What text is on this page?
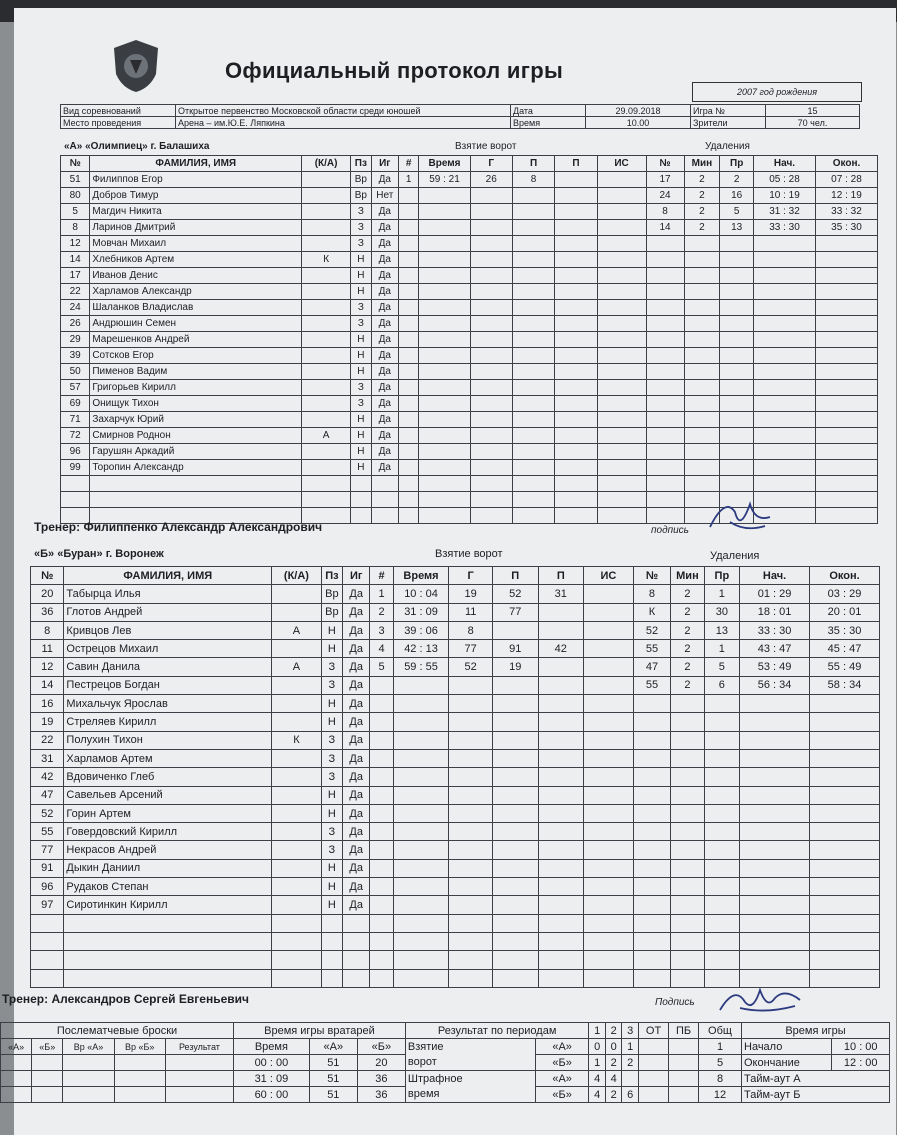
Официальный протокол игры
2007 год рождения
Вид соревнований	Открытое первенство Московской области среди юношей	Дата	29.09.2018	Игра №	15
Место проведения	Арена – им.Ю.Е. Ляпкина	Время	10.00	Зрители	70 чел.
«А» «Олимпиец» г. Балашиха	Взятие ворот	Удаления
№	ФАМИЛИЯ, ИМЯ	(К/А)	Пз	Иг	#	Время	Г	П	П	ИС	№	Мин	Пр	Нач.	Окон.
51	Филиппов Егор		Вр	Да	1	59 : 21	26	8			17	2	2	05 : 28	07 : 28
80	Добров Тимур		Вр	Нет							24	2	16	10 : 19	12 : 19
5	Магдич Никита		З	Да							8	2	5	31 : 32	33 : 32
8	Ларинов Дмитрий		З	Да							14	2	13	33 : 30	35 : 30
12	Мовчан Михаил		З	Да											
14	Хлебников Артем	К	Н	Да											
17	Иванов Денис		Н	Да											
22	Харламов Александр		Н	Да											
24	Шаланков Владислав		З	Да											
26	Андрюшин Семен		З	Да											
29	Марешенков Андрей		Н	Да											
39	Сотсков Егор		Н	Да											
50	Пименов Вадим		Н	Да											
57	Григорьев Кирилл		З	Да											
69	Онищук Тихон		З	Да											
71	Захарчук Юрий		Н	Да											
72	Смирнов Роднон	А	Н	Да											
96	Гарушян Аркадий		Н	Да											
99	Торопин Александр		Н	Да											

Тренер: Филиппенко Александр Александрович	подпись
«Б» «Буран» г. Воронеж	Взятие ворот	Удаления
№	ФАМИЛИЯ, ИМЯ	(К/А)	Пз	Иг	#	Время	Г	П	П	ИС	№	Мин	Пр	Нач.	Окон.
20	Табырца Илья		Вр	Да	1	10 : 04	19	52	31		8	2	1	01 : 29	03 : 29
36	Глотов Андрей		Вр	Да	2	31 : 09	11	77			К	2	30	18 : 01	20 : 01
8	Кривцов Лев	А	Н	Да	3	39 : 06	8				52	2	13	33 : 30	35 : 30
11	Острецов Михаил		Н	Да	4	42 : 13	77	91	42		55	2	1	43 : 47	45 : 47
12	Савин Данила	А	З	Да	5	59 : 55	52	19			47	2	5	53 : 49	55 : 49
14	Пестрецов Богдан		З	Да							55	2	6	56 : 34	58 : 34
16	Михальчук Ярослав		Н	Да											
19	Стреляев Кирилл		Н	Да											
22	Полухин Тихон	К	З	Да											
31	Харламов Артем		З	Да											
42	Вдовиченко Глеб		З	Да											
47	Савельев Арсений		Н	Да											
52	Горин Артем		Н	Да											
55	Говердовский Кирилл		З	Да											
77	Некрасов Андрей		З	Да											
91	Дыкин Даниил		Н	Да											
96	Рудаков Степан		Н	Да											
97	Сиротинкин Кирилл		Н	Да											

Тренер: Александров Сергей Евгеньевич	Подпись
Послематчевые броски					Время игры вратарей			Результат по периодам		1	2	3	ОТ	ПБ	Общ	Время игры	
«А»	«Б»	Вр «А»	Вр «Б»	Результат	Время	«А»	«Б»	Взятие	«А»	0	0	1			1	Начало	10 : 00
					00 : 00	51	20	ворот	«Б»	1	2	2			5	Окончание	12 : 00
					31 : 09	51	36	Штрафное	«А»	4	4				8	Тайм-аут А	
					60 : 00	51	36	время	«Б»	4	2	6			12	Тайм-аут Б	
